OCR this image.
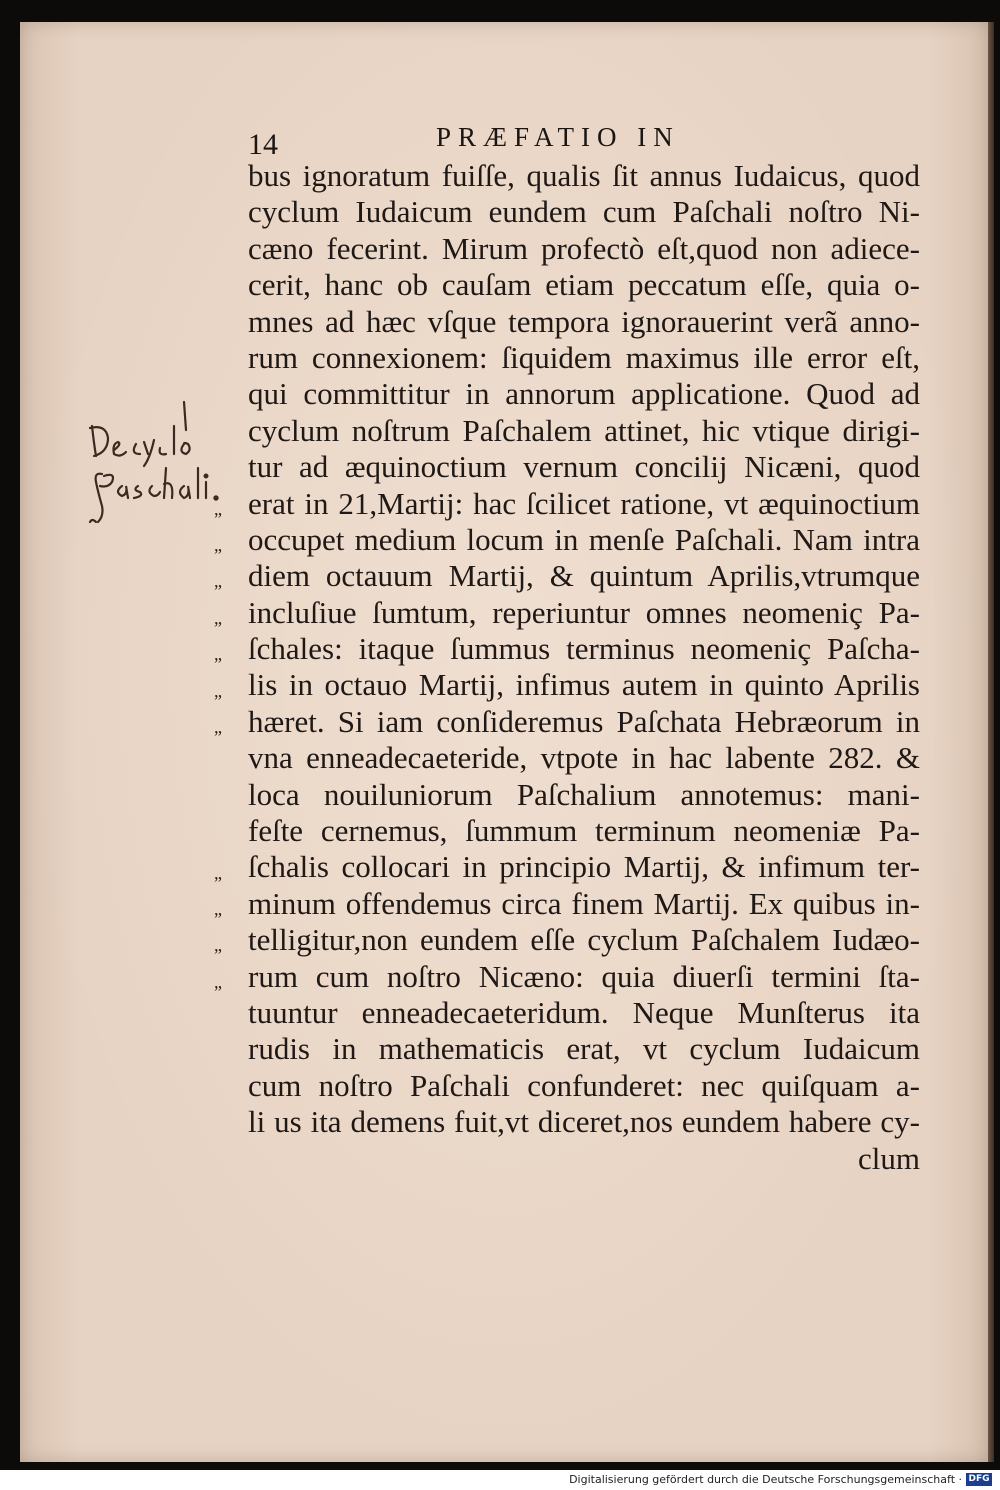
14	PRÆFATIO IN
„
„
„
„
„
„
„
„
„
„
„
bus ignoratum fuiſſe, qualis ſit annus Iudaicus, quod
cyclum Iudaicum eundem cum Paſchali noſtro Ni-
cæno fecerint. Mirum profectò eſt,quod non adiece-
cerit, hanc ob cauſam etiam peccatum eſſe, quia o-
mnes ad hæc vſque tempora ignorauerint verã anno-
rum connexionem: ſiquidem maximus ille error eſt,
qui committitur in annorum applicatione. Quod ad
cyclum noſtrum Paſchalem attinet, hic vtique dirigi-
tur ad æquinoctium vernum concilij Nicæni, quod
erat in 21,Martij: hac ſcilicet ratione, vt æquinoctium
occupet medium locum in menſe Paſchali. Nam intra
diem octauum Martij, & quintum Aprilis,vtrumque
incluſiue ſumtum, reperiuntur omnes neomeniç Pa-
ſchales: itaque ſummus terminus neomeniç Paſcha-
lis in octauo Martij, infimus autem in quinto Aprilis
hæret. Si iam conſideremus Paſchata Hebræorum in
vna enneadecaeteride, vtpote in hac labente 282. &
loca nouiluniorum Paſchalium annotemus: mani-
feſte cernemus, ſummum terminum neomeniæ Pa-
ſchalis collocari in principio Martij, & infimum ter-
minum offendemus circa finem Martij. Ex quibus in-
telligitur,non eundem eſſe cyclum Paſchalem Iudæo-
rum cum noſtro Nicæno: quia diuerſi termini ſta-
tuuntur enneadecaeteridum. Neque Munſterus ita
rudis in mathematicis erat, vt cyclum Iudaicum
cum noſtro Paſchali confunderet: nec quiſquam a-
li us ita demens fuit,vt diceret,nos eundem habere cy-
clum
Digitalisierung gefördert durch die Deutsche Forschungsgemeinschaft · DFG
